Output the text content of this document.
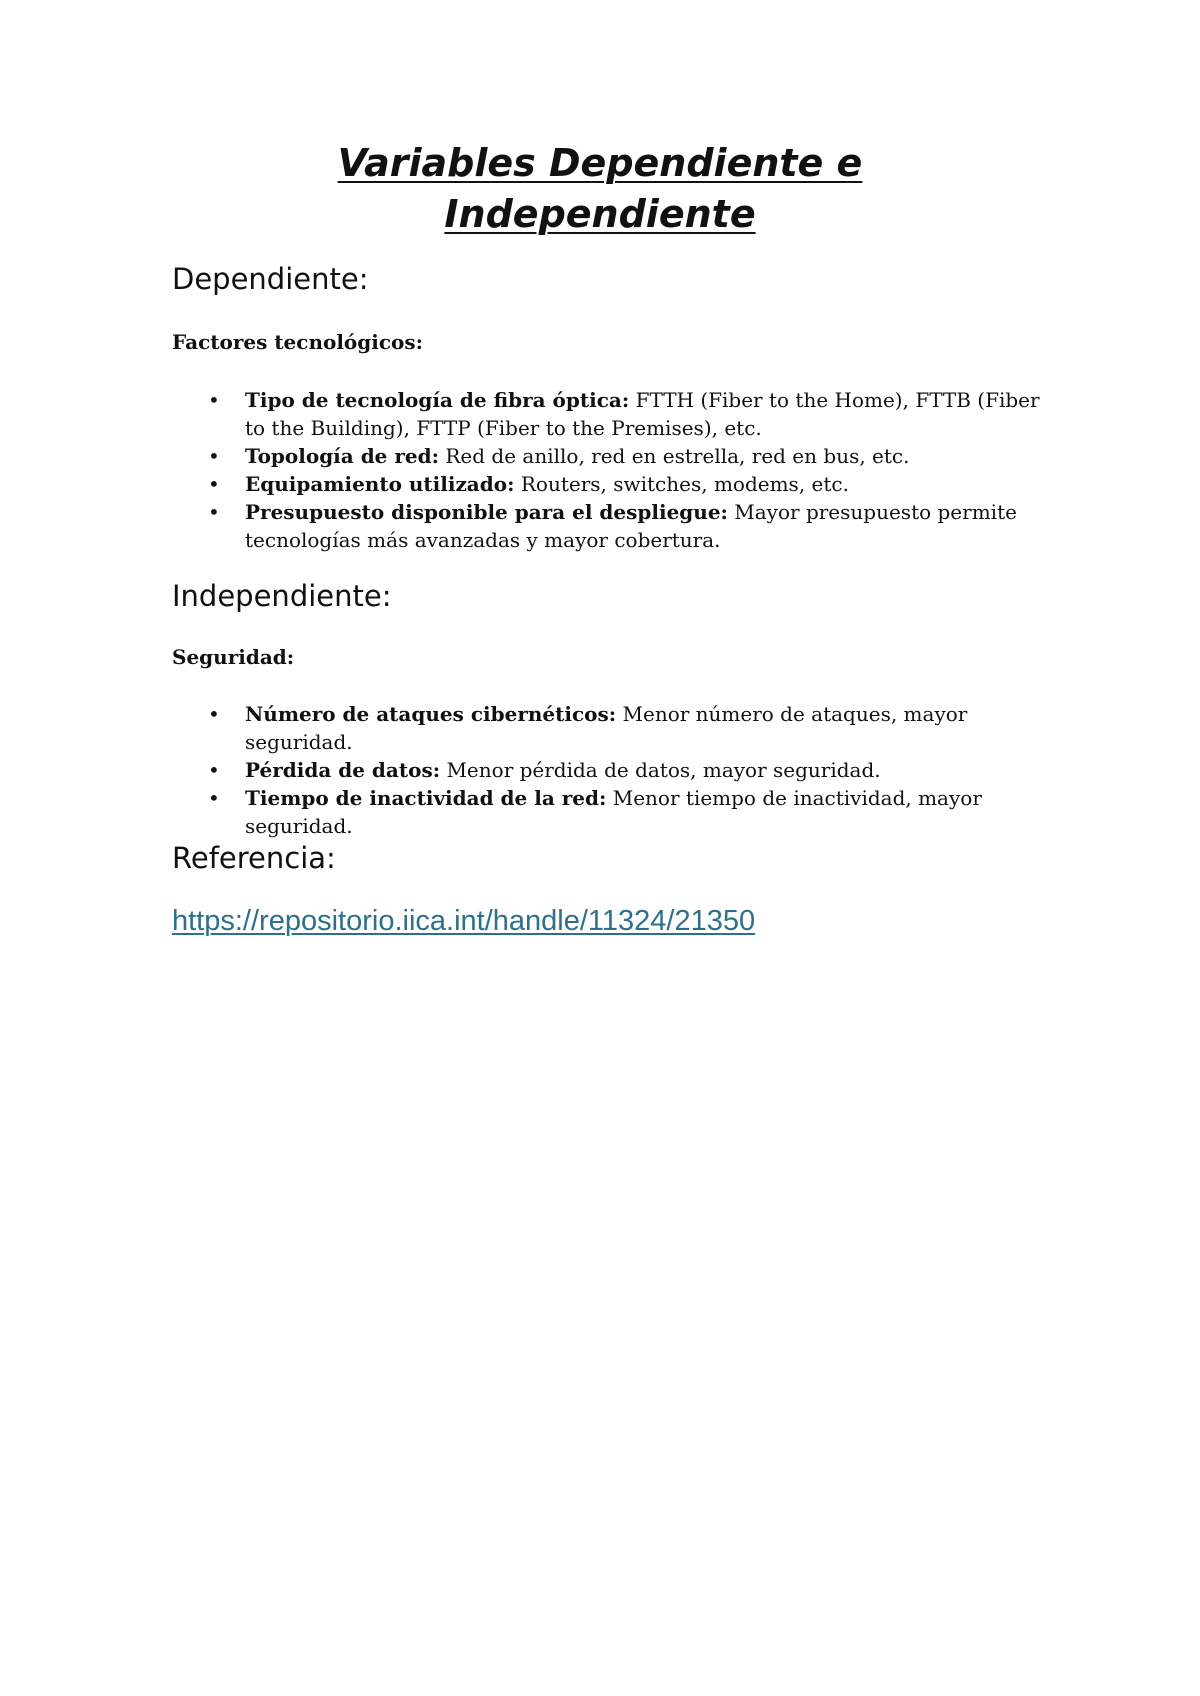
Variables Dependiente e
Independiente
Dependiente:

Factores tecnológicos:

• Tipo de tecnología de fibra óptica: FTTH (Fiber to the Home), FTTB (Fiber to the Building), FTTP (Fiber to the Premises), etc.
• Topología de red: Red de anillo, red en estrella, red en bus, etc.
• Equipamiento utilizado: Routers, switches, modems, etc.
• Presupuesto disponible para el despliegue: Mayor presupuesto permite tecnologías más avanzadas y mayor cobertura.
Independiente:

Seguridad:

• Número de ataques cibernéticos: Menor número de ataques, mayor seguridad.
• Pérdida de datos: Menor pérdida de datos, mayor seguridad.
• Tiempo de inactividad de la red: Menor tiempo de inactividad, mayor seguridad.
Referencia:
https://repositorio.iica.int/handle/11324/21350
